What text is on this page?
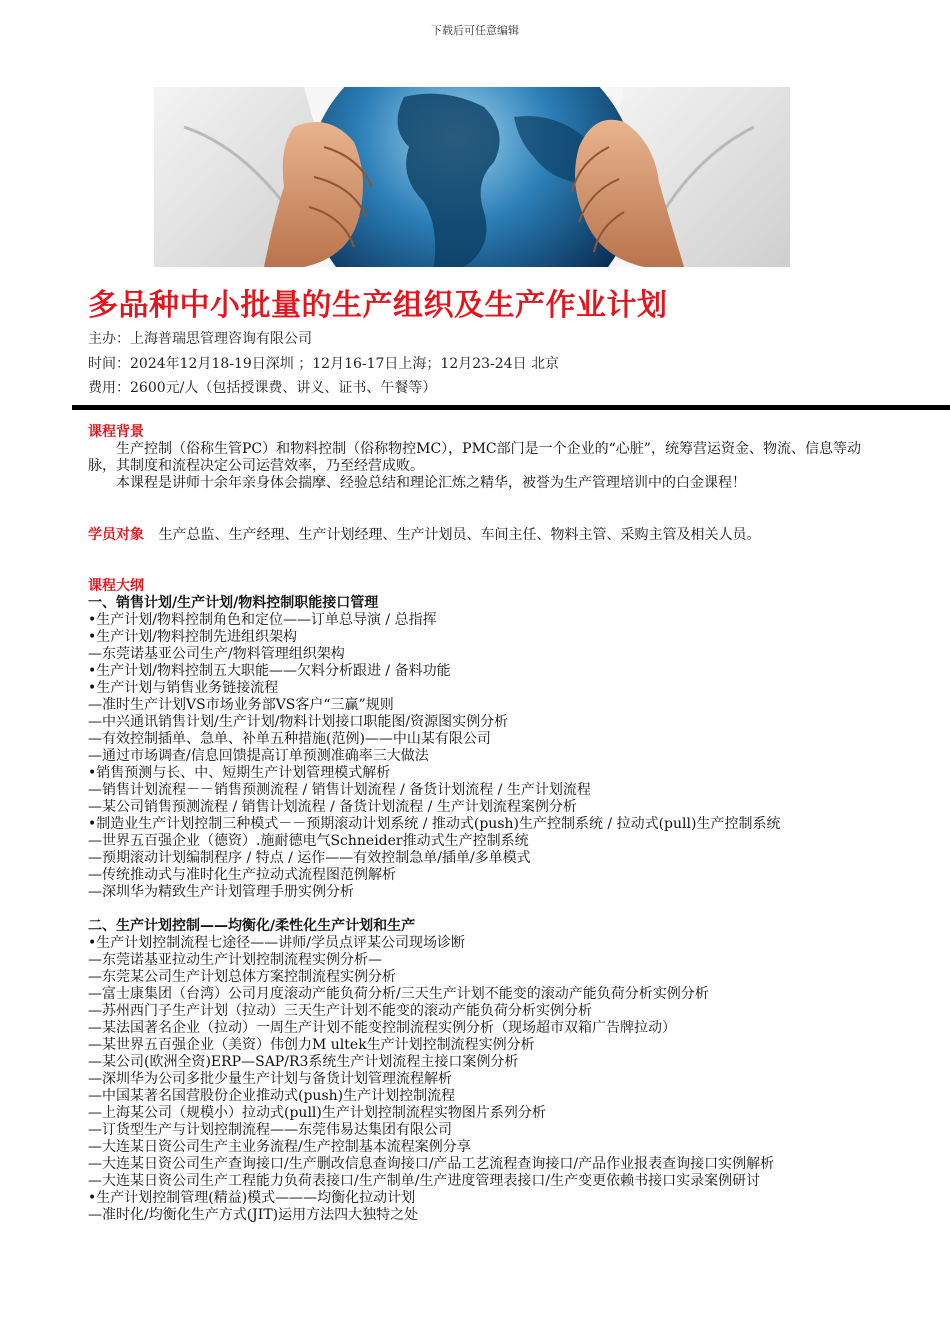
下载后可任意编辑
多品种中小批量的生产组织及生产作业计划
主办：上海普瑞思管理咨询有限公司
时间：2024年12月18-19日深圳 ；12月16-17日上海；12月23-24日 北京
费用：2600元/人（包括授课费、讲义、证书、午餐等）
课程背景

生产控制（俗称生管PC）和物料控制（俗称物控MC），PMC部门是一个企业的“心脏”，统筹营运资金、物流、信息等动脉，其制度和流程决定公司运营效率，乃至经营成败。

本课程是讲师十余年亲身体会揣摩、经验总结和理论汇炼之精华，被誉为生产管理培训中的白金课程！

学员对象 生产总监、生产经理、生产计划经理、生产计划员、车间主任、物料主管、采购主管及相关人员。
课程大纲

一、销售计划/生产计划/物料控制职能接口管理

•生产计划/物料控制角色和定位——订单总导演 / 总指挥

•生产计划/物料控制先进组织架构

—东莞诺基亚公司生产/物料管理组织架构

•生产计划/物料控制五大职能——欠料分析跟进 / 备料功能

•生产计划与销售业务链接流程

—准时生产计划VS市场业务部VS客户“三赢”规则

—中兴通讯销售计划/生产计划/物料计划接口职能图/资源图实例分析

—有效控制插单、急单、补单五种措施(范例)——中山某有限公司

—通过市场调查/信息回馈提高订单预测准确率三大做法

•销售预测与长、中、短期生产计划管理模式解析

—销售计划流程－－销售预测流程 / 销售计划流程 / 备货计划流程 / 生产计划流程

—某公司销售预测流程 / 销售计划流程 / 备货计划流程 / 生产计划流程案例分析

•制造业生产计划控制三种模式－－预期滚动计划系统 / 推动式(push)生产控制系统 / 拉动式(pull)生产控制系统

—世界五百强企业（德资）.施耐德电气Schneider推动式生产控制系统

—预期滚动计划编制程序 / 特点 / 运作——有效控制急单/插单/多单模式

—传统推动式与准时化生产拉动式流程图范例解析

—深圳华为精致生产计划管理手册实例分析

二、生产计划控制——均衡化/柔性化生产计划和生产

•生产计划控制流程七途径——讲师/学员点评某公司现场诊断

—东莞诺基亚拉动生产计划控制流程实例分析—

—东莞某公司生产计划总体方案控制流程实例分析

—富士康集团（台湾）公司月度滚动产能负荷分析/三天生产计划不能变的滚动产能负荷分析实例分析

—苏州西门子生产计划（拉动）三天生产计划不能变的滚动产能负荷分析实例分析

—某法国著名企业（拉动）一周生产计划不能变控制流程实例分析（现场超市双箱广告牌拉动）

—某世界五百强企业（美资）伟创力M ultek生产计划控制流程实例分析

—某公司(欧洲全资)ERP—SAP/R3系统生产计划流程主接口案例分析

—深圳华为公司多批少量生产计划与备货计划管理流程解析

—中国某著名国营股份企业推动式(push)生产计划控制流程

—上海某公司（规模小）拉动式(pull)生产计划控制流程实物图片系列分析

—订货型生产与计划控制流程——东莞伟易达集团有限公司

—大连某日资公司生产主业务流程/生产控制基本流程案例分享

—大连某日资公司生产查询接口/生产删改信息查询接口/产品工艺流程查询接口/产品作业报表查询接口实例解析

—大连某日资公司生产工程能力负荷表接口/生产制单/生产进度管理表接口/生产变更依赖书接口实录案例研讨

•生产计划控制管理(精益)模式———均衡化拉动计划

—准时化/均衡化生产方式(JIT)运用方法四大独特之处
